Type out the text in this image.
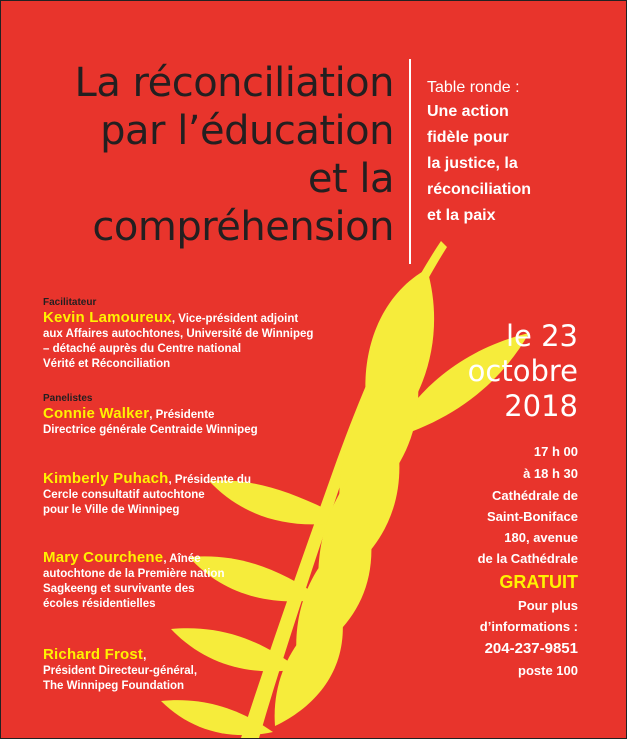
La réconciliation
par l’éducation
et la
compréhension
Table ronde :
Une action
fidèle pour
la justice, la
réconciliation
et la paix
Facilitateur
Kevin Lamoureux, Vice-président adjoint
aux Affaires autochtones, Université de Winnipeg
– détaché auprès du Centre national
Vérité et Réconciliation
Panelistes
Connie Walker, Présidente
Directrice générale Centraide Winnipeg
Kimberly Puhach, Présidente du
Cercle consultatif autochtone
pour le Ville de Winnipeg
Mary Courchene, Aînée
autochtone de la Première nation
Sagkeeng et survivante des
écoles résidentielles
Richard Frost,
Président Directeur-général,
The Winnipeg Foundation
le 23
octobre
2018
17 h 00
à 18 h 30
Cathédrale de
Saint-Boniface
180, avenue
de la Cathédrale
GRATUIT
Pour plus
d’informations :
204-237-9851
poste 100
